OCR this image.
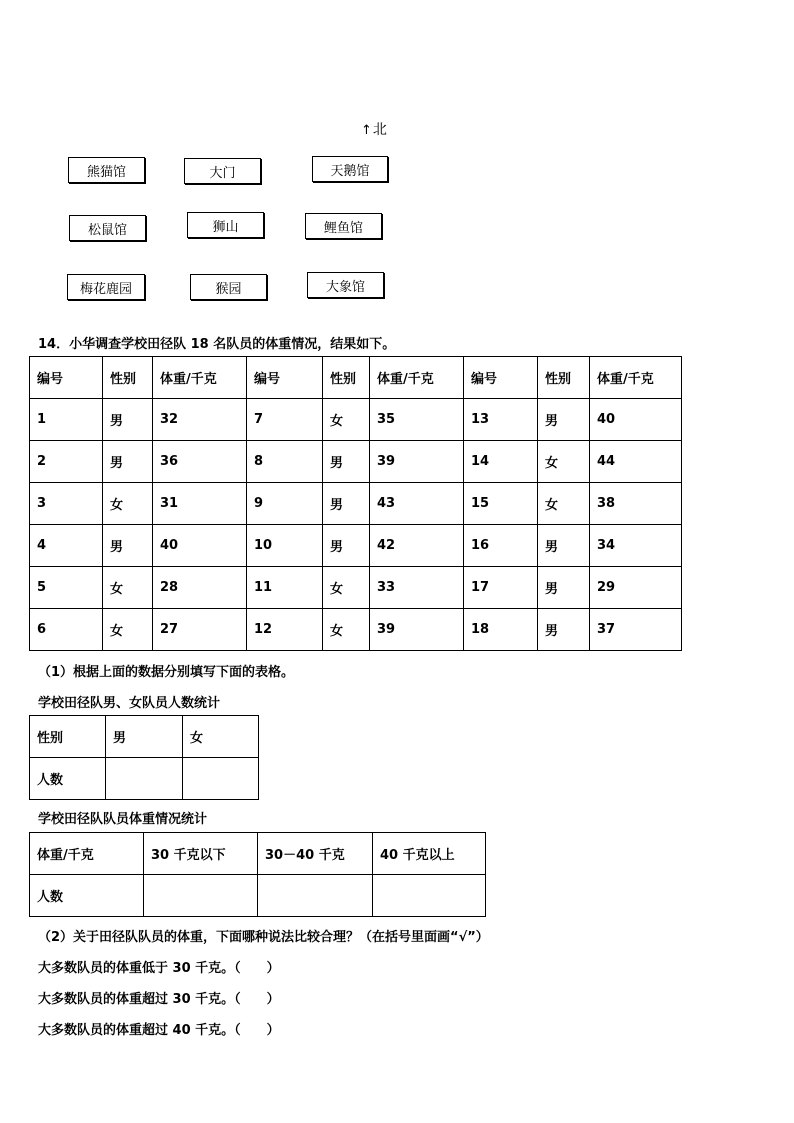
↑北
熊猫馆	大门	天鹅馆
松鼠馆	狮山	鲤鱼馆
梅花鹿园	猴园	大象馆
14．小华调查学校田径队 18 名队员的体重情况，结果如下。
编号	性别	体重/千克	编号	性别	体重/千克	编号	性别	体重/千克
1	男	32	7	女	35	13	男	40
2	男	36	8	男	39	14	女	44
3	女	31	9	男	43	15	女	38
4	男	40	10	男	42	16	男	34
5	女	28	11	女	33	17	男	29
6	女	27	12	女	39	18	男	37
（1）根据上面的数据分别填写下面的表格。
学校田径队男、女队员人数统计
性别	男	女
人数		
学校田径队队员体重情况统计
体重/千克	30 千克以下	30－40 千克	40 千克以上
人数			
（2）关于田径队队员的体重，下面哪种说法比较合理？（在括号里面画“√”）
大多数队员的体重低于 30 千克。（　　）
大多数队员的体重超过 30 千克。（　　）
大多数队员的体重超过 40 千克。（　　）
